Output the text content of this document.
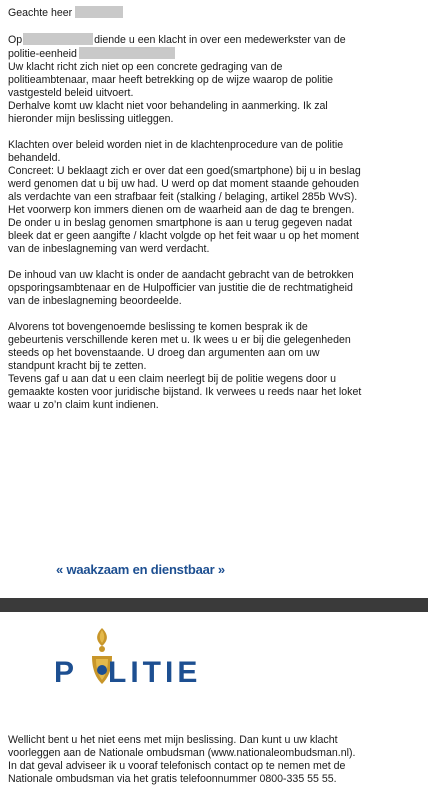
Geachte heer

Op	diende u een klacht in over een medewerkster van de

politie-eenheid

Uw klacht richt zich niet op een concrete gedraging van de
politieambtenaar, maar heeft betrekking op de wijze waarop de politie
vastgesteld beleid uitvoert.
Derhalve komt uw klacht niet voor behandeling in aanmerking. Ik zal
hieronder mijn beslissing uitleggen.

Klachten over beleid worden niet in de klachtenprocedure van de politie
behandeld.
Concreet: U beklaagt zich er over dat een goed(smartphone) bij u in beslag
werd genomen dat u bij uw had. U werd op dat moment staande gehouden
als verdachte van een strafbaar feit (stalking / belaging, artikel 285b WvS).
Het voorwerp kon immers dienen om de waarheid aan de dag te brengen.
De onder u in beslag genomen smartphone is aan u terug gegeven nadat
bleek dat er geen aangifte / klacht volgde op het feit waar u op het moment
van de inbeslagneming van werd verdacht.

De inhoud van uw klacht is onder de aandacht gebracht van de betrokken
opsporingsambtenaar en de Hulpofficier van justitie die de rechtmatigheid
van de inbeslagneming beoordeelde.

Alvorens tot bovengenoemde beslissing te komen besprak ik de
gebeurtenis verschillende keren met u. Ik wees u er bij die gelegenheden
steeds op het bovenstaande. U droeg dan argumenten aan om uw
standpunt kracht bij te zetten.
Tevens gaf u aan dat u een claim neerlegt bij de politie wegens door u
gemaakte kosten voor juridische bijstand. Ik verwees u reeds naar het loket
waar u zo’n claim kunt indienen.

« waakzaam en dienstbaar »
P LITIE
Wellicht bent u het niet eens met mijn beslissing. Dan kunt u uw klacht
voorleggen aan de Nationale ombudsman (www.nationaleombudsman.nl).
In dat geval adviseer ik u vooraf telefonisch contact op te nemen met de
Nationale ombudsman via het gratis telefoonnummer 0800-335 55 55.
